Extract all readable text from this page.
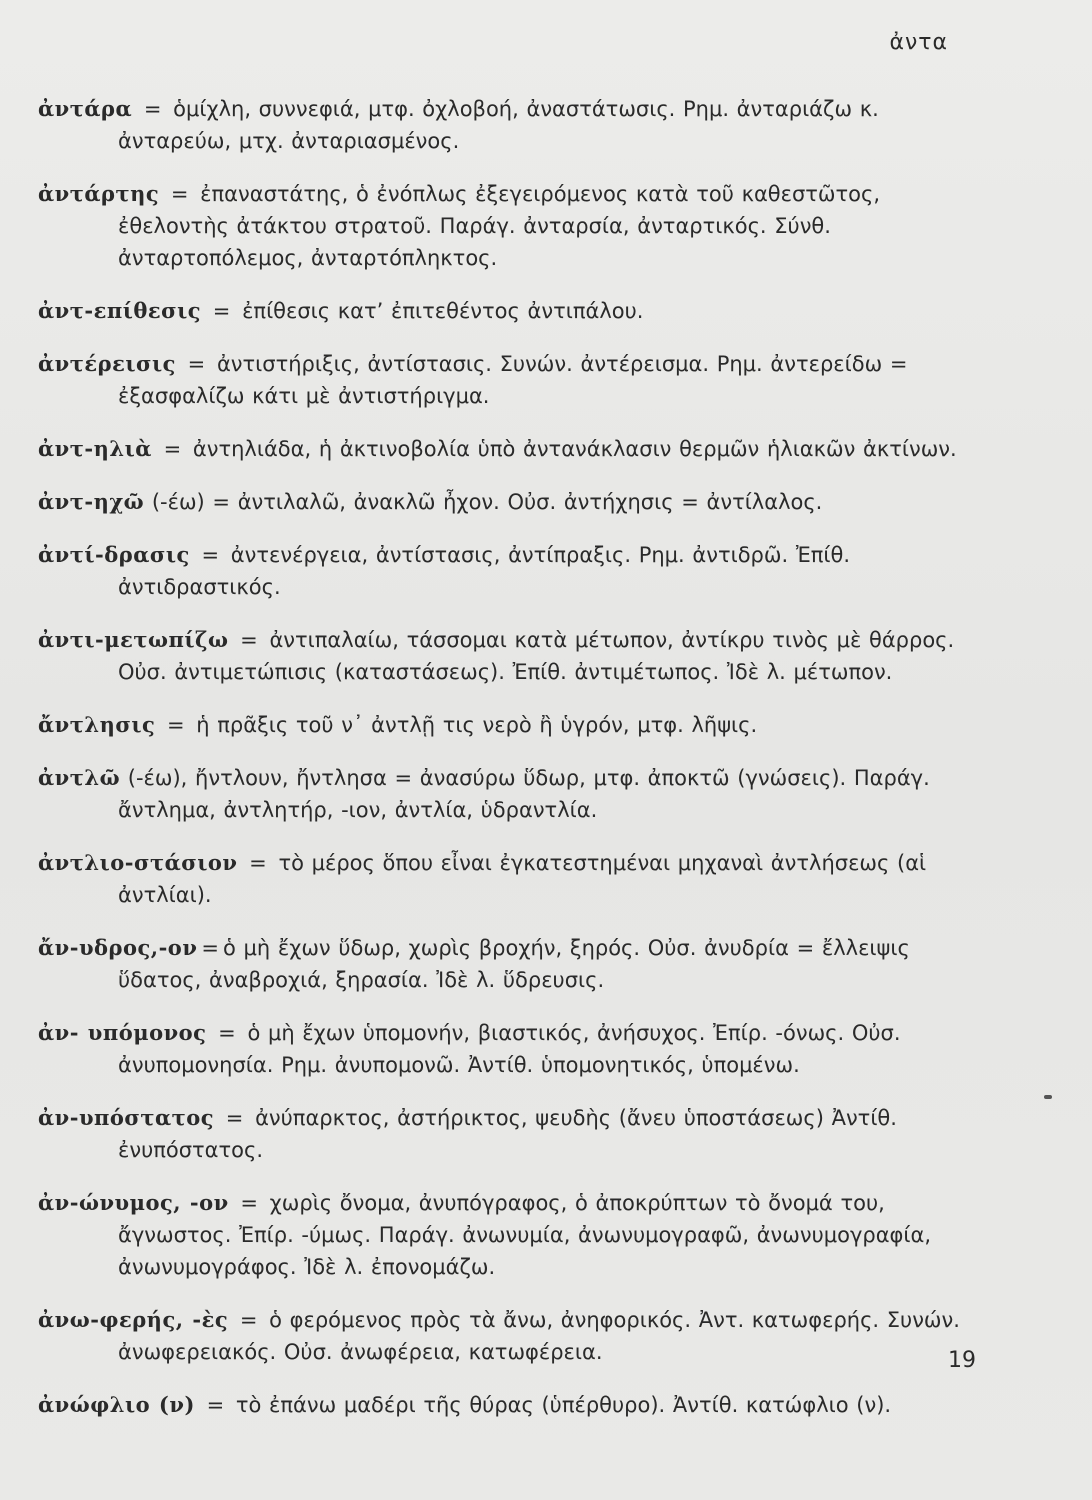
ἀντα

ἀντάρα = ὁμίχλη, συννεφιά, μτφ. ὀχλοβοή, ἀναστάτωσις. Ρημ. ἀνταριάζω κ. ἀνταρεύω, μτχ. ἀνταριασμένος.

ἀντάρτης = ἐπαναστάτης, ὁ ἐνόπλως ἐξεγειρόμενος κατὰ τοῦ καθεστῶτος, ἐθελοντὴς ἀτάκτου στρατοῦ. Παράγ. ἀνταρσία, ἀνταρτικός. Σύνθ. ἀνταρτοπόλεμος, ἀνταρτόπληκτος.

ἀντ-επίθεσις = ἐπίθεσις κατ’ ἐπιτεθέντος ἀντιπάλου.

ἀντέρεισις = ἀντιστήριξις, ἀντίστασις. Συνών. ἀντέρεισμα. Ρημ. ἀντερείδω = ἐξασφαλίζω κάτι μὲ ἀντιστήριγμα.

ἀντ-ηλιὰ = ἀντηλιάδα, ἡ ἀκτινοβολία ὑπὸ ἀντανάκλασιν θερμῶν ἡλιακῶν ἀκτίνων.

ἀντ-ηχῶ (-έω) = ἀντιλαλῶ, ἀνακλῶ ἦχον. Οὐσ. ἀντήχησις = ἀντίλαλος.

ἀντί-δρασις = ἀντενέργεια, ἀντίστασις, ἀντίπραξις. Ρημ. ἀντιδρῶ. Ἐπίθ. ἀντιδραστικός.

ἀντι-μετωπίζω = ἀντιπαλαίω, τάσσομαι κατὰ μέτωπον, ἀντίκρυ τινὸς μὲ θάρρος. Οὐσ. ἀντιμετώπισις (καταστάσεως). Ἐπίθ. ἀντιμέτωπος. Ἰδὲ λ. μέτωπον.

ἄντλησις = ἡ πρᾶξις τοῦ ν᾽ ἀντλῇ τις νερὸ ἢ ὑγρόν, μτφ. λῆψις.

ἀντλῶ (-έω), ἤντλουν, ἤντλησα = ἀνασύρω ὕδωρ, μτφ. ἀποκτῶ (γνώσεις). Παράγ. ἄντλημα, ἀντλητήρ, -ιον, ἀντλία, ὑδραντλία.

ἀντλιο-στάσιον = τὸ μέρος ὅπου εἶναι ἐγκατεστημέναι μηχαναὶ ἀντλήσεως (αἱ ἀντλίαι).

ἄν-υδρος,-ον = ὁ μὴ ἔχων ὕδωρ, χωρὶς βροχήν, ξηρός. Οὐσ. ἀνυδρία = ἔλλειψις ὕδατος, ἀναβροχιά, ξηρασία. Ἰδὲ λ. ὕδρευσις.

ἀν- υπόμονος = ὁ μὴ ἔχων ὑπομονήν, βιαστικός, ἀνήσυχος. Ἐπίρ. -όνως. Οὐσ. ἀνυπομονησία. Ρημ. ἀνυπομονῶ. Ἀντίθ. ὑπομονητικός, ὑπομένω.

ἀν-υπόστατος = ἀνύπαρκτος, ἀστήρικτος, ψευδὴς (ἄνευ ὑποστάσεως) Ἀντίθ. ἐνυπόστατος.

ἀν-ώνυμος, -ον = χωρὶς ὄνομα, ἀνυπόγραφος, ὁ ἀποκρύπτων τὸ ὄνομά του, ἄγνωστος. Ἐπίρ. -ύμως. Παράγ. ἀνωνυμία, ἀνωνυμογραφῶ, ἀνωνυμογραφία, ἀνωνυμογράφος. Ἰδὲ λ. ἐπονομάζω.

ἀνω-φερής, -ὲς = ὁ φερόμενος πρὸς τὰ ἄνω, ἀνηφορικός. Ἀντ. κατωφερής. Συνών. ἀνωφερειακός. Οὐσ. ἀνωφέρεια, κατωφέρεια.

ἀνώφλιο (ν) = τὸ ἐπάνω μαδέρι τῆς θύρας (ὑπέρθυρο). Ἀντίθ. κατώφλιο (ν).

19
